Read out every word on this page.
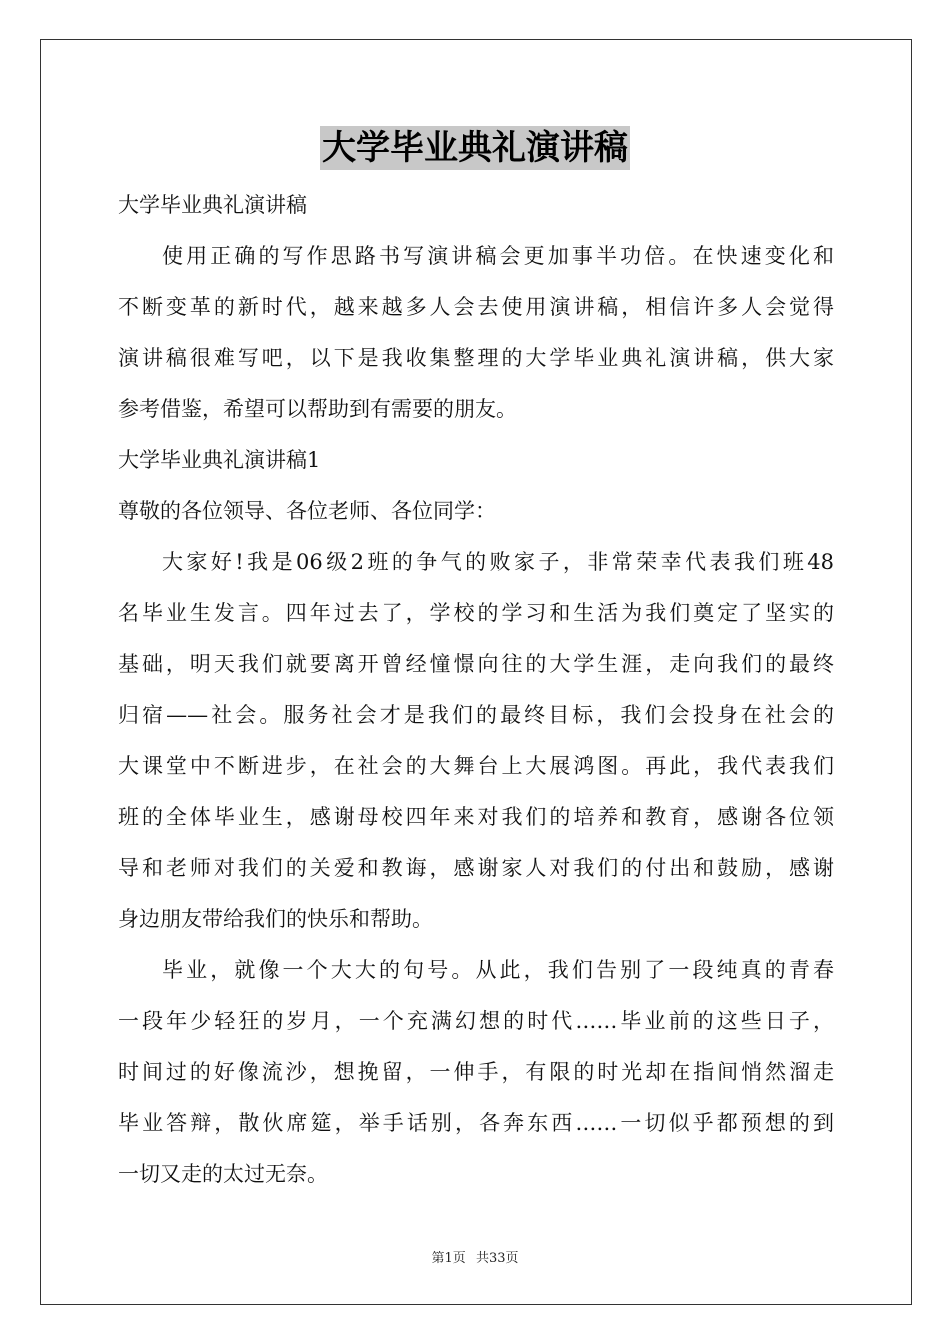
大学毕业典礼演讲稿
大学毕业典礼演讲稿
使用正确的写作思路书写演讲稿会更加事半功倍。在快速变化和
不断变革的新时代，越来越多人会去使用演讲稿，相信许多人会觉得
演讲稿很难写吧，以下是我收集整理的大学毕业典礼演讲稿，供大家
参考借鉴，希望可以帮助到有需要的朋友。
大学毕业典礼演讲稿1
尊敬的各位领导、各位老师、各位同学：
大家好!我是06级2班的争气的败家子，非常荣幸代表我们班48
名毕业生发言。四年过去了，学校的学习和生活为我们奠定了坚实的
基础，明天我们就要离开曾经憧憬向往的大学生涯，走向我们的最终
归宿——社会。服务社会才是我们的最终目标，我们会投身在社会的
大课堂中不断进步，在社会的大舞台上大展鸿图。再此，我代表我们
班的全体毕业生，感谢母校四年来对我们的培养和教育，感谢各位领
导和老师对我们的关爱和教诲，感谢家人对我们的付出和鼓励，感谢
身边朋友带给我们的快乐和帮助。
毕业，就像一个大大的句号。从此，我们告别了一段纯真的青春
一段年少轻狂的岁月，一个充满幻想的时代……毕业前的这些日子，
时间过的好像流沙，想挽留，一伸手，有限的时光却在指间悄然溜走
毕业答辩，散伙席筵，举手话别，各奔东西……一切似乎都预想的到
一切又走的太过无奈。
第1页 共33页
